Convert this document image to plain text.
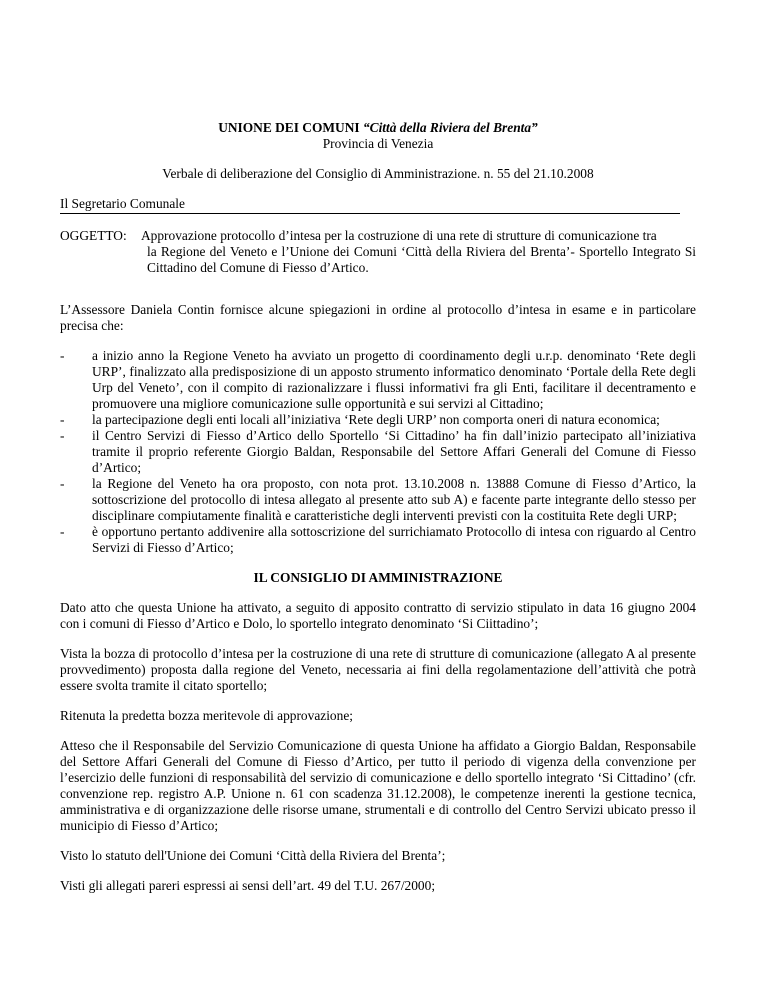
UNIONE DEI COMUNI “Città della Riviera del Brenta”
Provincia di Venezia
Verbale di deliberazione del Consiglio di Amministrazione. n. 55 del 21.10.2008
Il Segretario Comunale
OGGETTO:	Approvazione protocollo d’intesa per la costruzione di una rete di strutture di comunicazione tra
la Regione del Veneto e l’Unione dei Comuni ‘Città della Riviera del Brenta’- Sportello Integrato Si Cittadino del Comune di Fiesso d’Artico.

L’Assessore Daniela Contin fornisce alcune spiegazioni in ordine al protocollo d’intesa in esame e in particolare precisa che:

-	a inizio anno la Regione Veneto ha avviato un progetto di coordinamento degli u.r.p. denominato ‘Rete degli URP’, finalizzato alla predisposizione di un apposto strumento informatico denominato ‘Portale della Rete degli Urp del Veneto’, con il compito di razionalizzare i flussi informativi fra gli Enti, facilitare il decentramento e promuovere una migliore comunicazione sulle opportunità e sui servizi al Cittadino;
-	la partecipazione degli enti locali all’iniziativa ‘Rete degli URP’ non comporta oneri di natura economica;
-	il Centro Servizi di Fiesso d’Artico dello Sportello ‘Si Cittadino’ ha fin dall’inizio partecipato all’iniziativa tramite il proprio referente Giorgio Baldan, Responsabile del Settore Affari Generali del Comune di Fiesso d’Artico;
-	la Regione del Veneto ha ora proposto, con nota prot. 13.10.2008 n. 13888 Comune di Fiesso d’Artico, la sottoscrizione del protocollo di intesa allegato al presente atto sub A) e facente parte integrante dello stesso per disciplinare compiutamente finalità e caratteristiche degli interventi previsti con la costituita Rete degli URP;
-	è opportuno pertanto addivenire alla sottoscrizione del surrichiamato Protocollo di intesa con riguardo al Centro Servizi di Fiesso d’Artico;
IL CONSIGLIO DI AMMINISTRAZIONE

Dato atto che questa Unione ha attivato, a seguito di apposito contratto di servizio stipulato in data 16 giugno 2004 con i comuni di Fiesso d’Artico e Dolo, lo sportello integrato denominato ‘Si Ciittadino’;

Vista la bozza di protocollo d’intesa per la costruzione di una rete di strutture di comunicazione (allegato A al presente provvedimento) proposta dalla regione del Veneto, necessaria ai fini della regolamentazione dell’attività che potrà essere svolta tramite il citato sportello;

Ritenuta la predetta bozza meritevole di approvazione;

Atteso che il Responsabile del Servizio Comunicazione di questa Unione ha affidato a Giorgio Baldan, Responsabile del Settore Affari Generali del Comune di Fiesso d’Artico, per tutto il periodo di vigenza della convenzione per l’esercizio delle funzioni di responsabilità del servizio di comunicazione e dello sportello integrato ‘Si Cittadino’ (cfr. convenzione rep. registro A.P. Unione n. 61 con scadenza 31.12.2008), le competenze inerenti la gestione tecnica, amministrativa e di organizzazione delle risorse umane, strumentali e di controllo del Centro Servizi ubicato presso il municipio di Fiesso d’Artico;

Visto lo statuto dell'Unione dei Comuni ‘Città della Riviera del Brenta’;

Visti gli allegati pareri espressi ai sensi dell’art. 49 del T.U. 267/2000;
